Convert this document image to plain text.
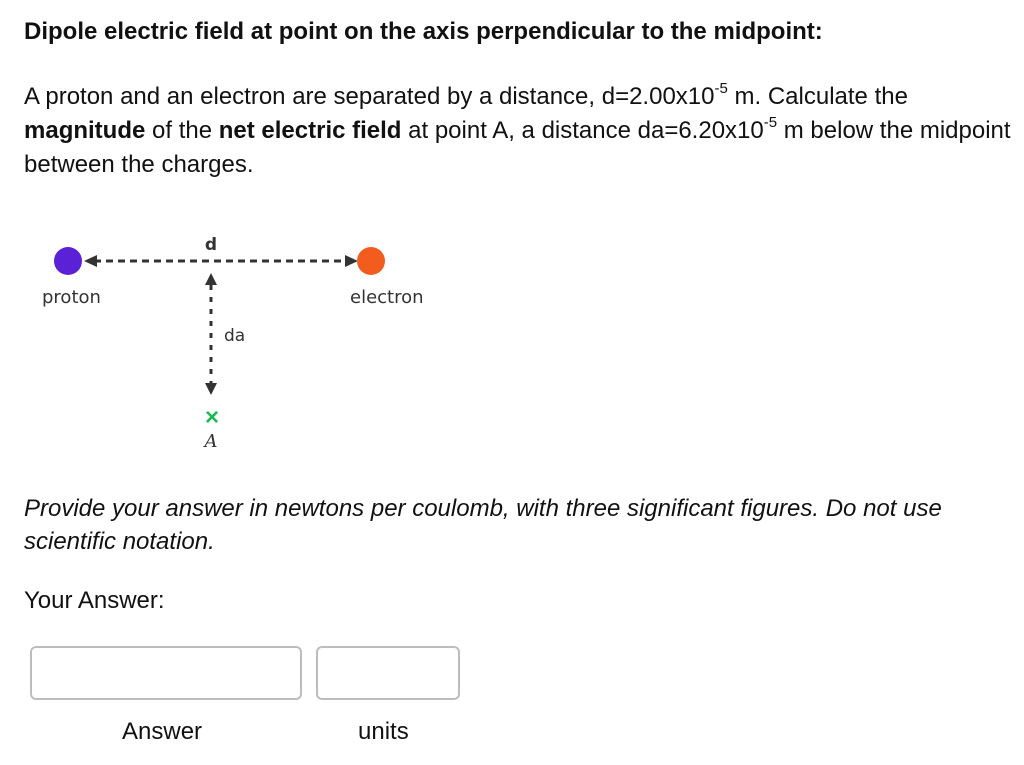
Dipole electric field at point on the axis perpendicular to the midpoint:

A proton and an electron are separated by a distance, $d=2.00x10^{-5}$ m. Calculate the magnitude of the net electric field at point A, a distance $da=6.20x10^{-5}$ m below the midpoint between the charges.

d
proton	electron
da
×
A

Provide your answer in newtons per coulomb, with three significant figures. Do not use scientific notation.

Your Answer:
Answer	units
